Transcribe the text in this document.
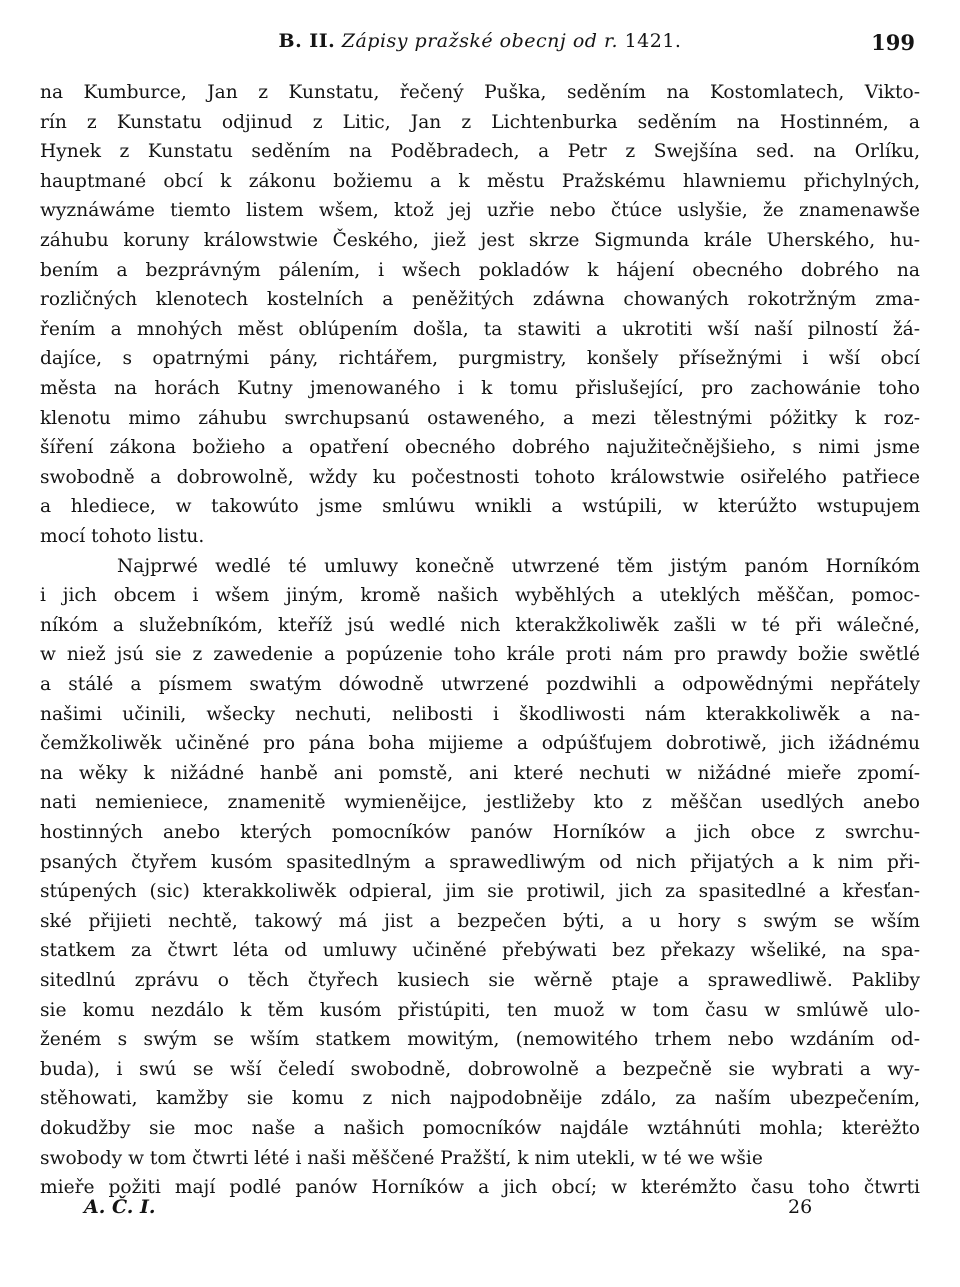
B. II. Zápisy pražské obecnj od r. 1421.	199
na Kumburce, Jan z Kunstatu, řečený Puška, seděním na Kostomlatech, Vikto-
rín z Kunstatu odjinud z Litic, Jan z Lichtenburka seděním na Hostinném, a
Hynek z Kunstatu seděním na Poděbradech, a Petr z Swejšína sed. na Orlíku,
hauptmané obcí k zákonu božiemu a k městu Pražskému hlawniemu přichylných,
wyznáwáme tiemto listem wšem, ktož jej uzřie nebo čtúce uslyšie, že znamenawše
záhubu koruny králowstwie Českého, jiež jest skrze Sigmunda krále Uherského, hu-
bením a bezprávným pálením, i wšech pokladów k hájení obecného dobrého na
rozličných klenotech kostelních a peněžitých zdáwna chowaných rokotržným zma-
řením a mnohých měst oblúpením došla, ta stawiti a ukrotiti wší naší pilností žá-
dajíce, s opatrnými pány, richtářem, purgmistry, konšely přísežnými i wší obcí
města na horách Kutny jmenowaného i k tomu přislušející, pro zachowánie toho
klenotu mimo záhubu swrchupsanú ostaweného, a mezi tělestnými póžitky k roz-
šíření zákona božieho a opatření obecného dobrého najužitečnějšieho, s nimi jsme
swobodně a dobrowolně, wždy ku počestnosti tohoto králowstwie osiřelého patřiece
a hlediece, w takowúto jsme smlúwu wnikli a wstúpili, w kterúžto wstupujem
mocí tohoto listu.
Najprwé wedlé té umluwy konečně utwrzené těm jistým panóm Horníkóm
i jich obcem i wšem jiným, kromě našich wyběhlých a uteklých měščan, pomoc-
níkóm a služebníkóm, kteříž jsú wedlé nich kterakžkoliwěk zašli w té při wálečné,
w niež jsú sie z zawedenie a popúzenie toho krále proti nám pro prawdy božie swětlé
a stálé a písmem swatým dówodně utwrzené pozdwihli a odpowědnými nepřátely
našimi učinili, wšecky nechuti, nelibosti i škodliwosti nám kterakkoliwěk a na-
čemžkoliwěk učiněné pro pána boha mijieme a odpúšťujem dobrotiwě, jich ižádnému
na wěky k nižádné hanbě ani pomstě, ani které nechuti w nižádné mieře zpomí-
nati nemieniece, znamenitě wymieněijce, jestližeby kto z měščan usedlých anebo
hostinných anebo kterých pomocníków panów Horníków a jich obce z swrchu-
psaných čtyřem kusóm spasitedlným a sprawedliwým od nich přijatých a k nim při-
stúpených (sic) kterakkoliwěk odpieral, jim sie protiwil, jich za spasitedlné a křesťan-
ské přijieti nechtě, takowý má jist a bezpečen býti, a u hory s swým se wším
statkem za čtwrt léta od umluwy učiněné přebýwati bez překazy wšeliké, na spa-
sitedlnú zprávu o těch čtyřech kusiech sie wěrně ptaje a sprawedliwě. Pakliby
sie komu nezdálo k těm kusóm přistúpiti, ten muož w tom času w smlúwě ulo-
ženém s swým se wším statkem mowitým, (nemowitého trhem nebo wzdáním od-
buda), i swú se wší čeledí swobodně, dobrowolně a bezpečně sie wybrati a wy-
stěhowati, kamžby sie komu z nich najpodobněije zdálo, za naším ubezpečením,
dokudžby sie moc naše a našich pomocníków najdále wztáhnúti mohla; kterėžto
swobody w tom čtwrti lété i naši měščené Pražští, k nim utekli, w té we wšie
mieře požiti mají podlé panów Horníków a jich obcí; w kterémžto času toho čtwrti
A. Č. I.	26
